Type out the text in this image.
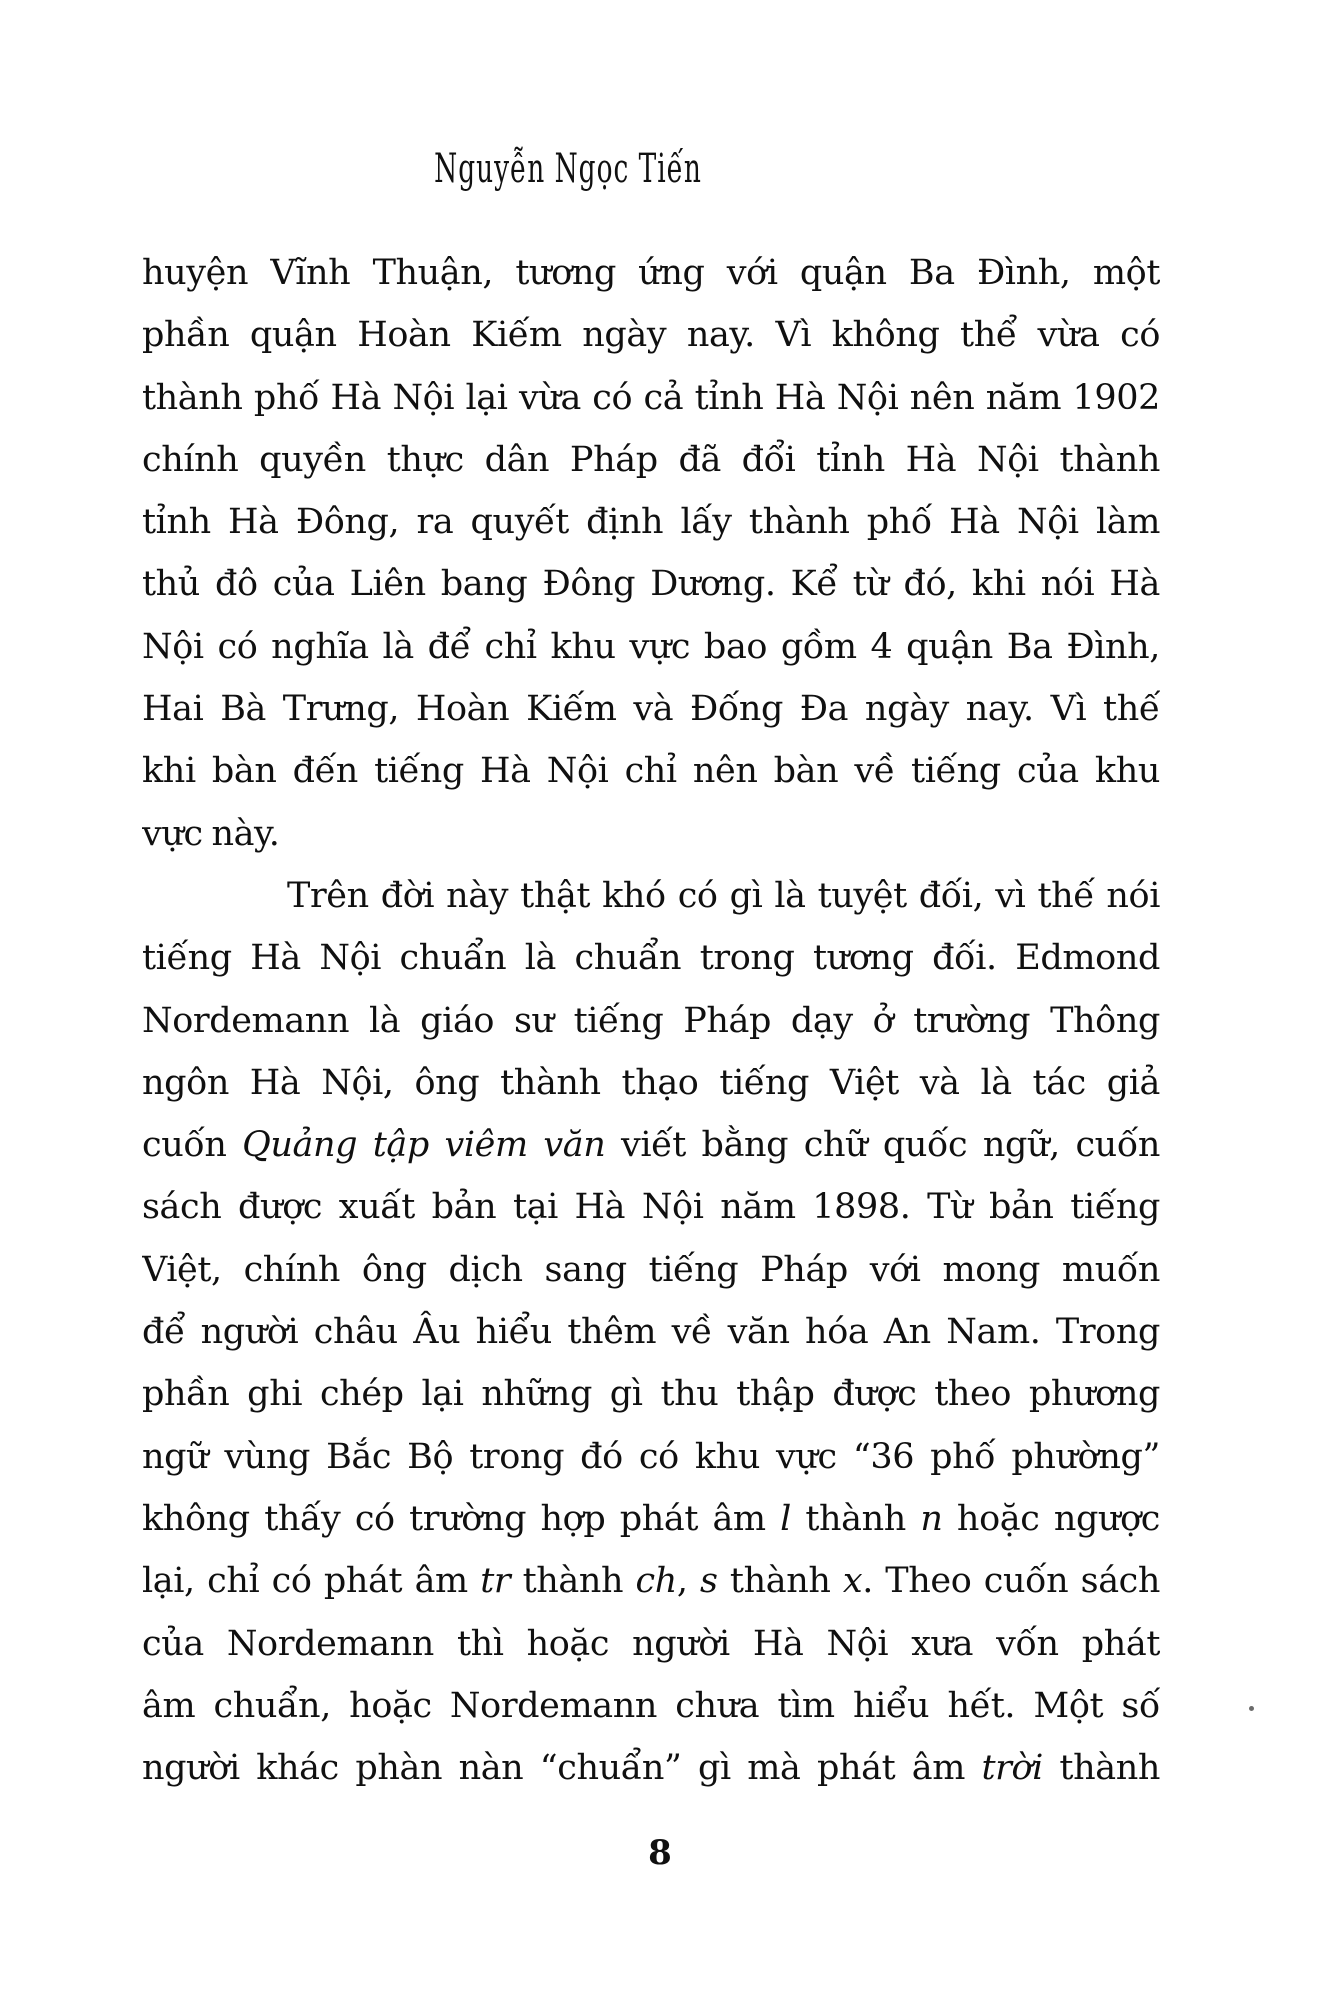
Nguyễn Ngọc Tiến
huyện Vĩnh Thuận, tương ứng với quận Ba Đình, một
phần quận Hoàn Kiếm ngày nay. Vì không thể vừa có
thành phố Hà Nội lại vừa có cả tỉnh Hà Nội nên năm 1902
chính quyền thực dân Pháp đã đổi tỉnh Hà Nội thành
tỉnh Hà Đông, ra quyết định lấy thành phố Hà Nội làm
thủ đô của Liên bang Đông Dương. Kể từ đó, khi nói Hà
Nội có nghĩa là để chỉ khu vực bao gồm 4 quận Ba Đình,
Hai Bà Trưng, Hoàn Kiếm và Đống Đa ngày nay. Vì thế
khi bàn đến tiếng Hà Nội chỉ nên bàn về tiếng của khu
vực này.
Trên đời này thật khó có gì là tuyệt đối, vì thế nói
tiếng Hà Nội chuẩn là chuẩn trong tương đối. Edmond
Nordemann là giáo sư tiếng Pháp dạy ở trường Thông
ngôn Hà Nội, ông thành thạo tiếng Việt và là tác giả
cuốn Quảng tập viêm văn viết bằng chữ quốc ngữ, cuốn
sách được xuất bản tại Hà Nội năm 1898. Từ bản tiếng
Việt, chính ông dịch sang tiếng Pháp với mong muốn
để người châu Âu hiểu thêm về văn hóa An Nam. Trong
phần ghi chép lại những gì thu thập được theo phương
ngữ vùng Bắc Bộ trong đó có khu vực “36 phố phường”
không thấy có trường hợp phát âm l thành n hoặc ngược
lại, chỉ có phát âm tr thành ch, s thành x. Theo cuốn sách
của Nordemann thì hoặc người Hà Nội xưa vốn phát
âm chuẩn, hoặc Nordemann chưa tìm hiểu hết. Một số
người khác phàn nàn “chuẩn” gì mà phát âm trời thành
8
